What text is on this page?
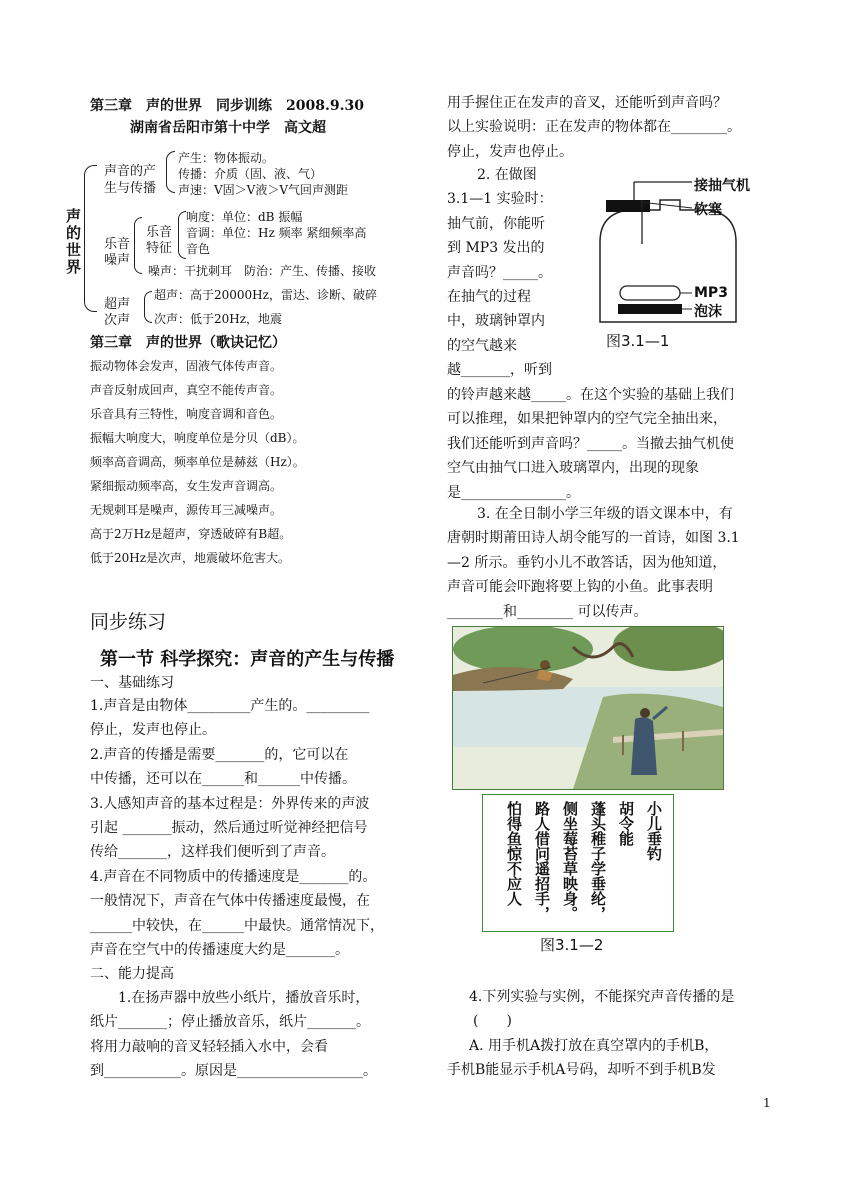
第三章　声的世界　同步训练　2008.9.30
湖南省岳阳市第十中学　高文超
声
的
世
界
声音的产
生与传播
产生：物体振动。
传播：介质（固、液、气）
声速：V固＞V液＞V气回声测距
乐音
噪声
乐音
特征
响度：单位：dB 振幅
音调：单位：Hz 频率 紧细频率高
音色
噪声：干扰刺耳　防治：产生、传播、接收
超声
次声
超声：高于20000Hz，雷达、诊断、破碎
次声：低于20Hz，地震
第三章　声的世界（歌诀记忆）
振动物体会发声，固液气体传声音。
声音反射成回声，真空不能传声音。
乐音具有三特性，响度音调和音色。
振幅大响度大，响度单位是分贝（dB）。
频率高音调高，频率单位是赫兹（Hz）。
紧细振动频率高，女生发声音调高。
无规刺耳是噪声，源传耳三减噪声。
高于2万Hz是超声，穿透破碎有B超。
低于20Hz是次声，地震破坏危害大。
同步练习
第一节 科学探究：声音的产生与传播
一、基础练习
1.声音是由物体_________产生的。_________
停止，发声也停止。
2.声音的传播是需要_______的，它可以在
中传播，还可以在______和______中传播。
3.人感知声音的基本过程是：外界传来的声波
引起 _______振动，然后通过听觉神经把信号
传给_______，这样我们便听到了声音。
4.声音在不同物质中的传播速度是_______的。
一般情况下，声音在气体中传播速度最慢，在
______中较快，在______中最快。通常情况下，
声音在空气中的传播速度大约是_______。
二、能力提高
1.在扬声器中放些小纸片，播放音乐时，
纸片_______；停止播放音乐，纸片_______。
将用力敲响的音叉轻轻插入水中，会看
到___________。原因是__________________。
用手握住正在发声的音叉，还能听到声音吗？
以上实验说明：正在发声的物体都在________。
停止，发声也停止。
2. 在做图
3.1—1 实验时：
抽气前，你能听
到 MP3 发出的
声音吗？_____。
在抽气的过程
中，玻璃钟罩内
的空气越来
越_______，听到
接抽气机
软塞
MP3
泡沫
图3.1—1
的铃声越来越_____。在这个实验的基础上我们
可以推理，如果把钟罩内的空气完全抽出来，
我们还能听到声音吗？_____。当撤去抽气机使
空气由抽气口进入玻璃罩内，出现的现象
是_______________。
3. 在全日制小学三年级的语文课本中，有
唐朝时期莆田诗人胡令能写的一首诗，如图 3.1
—2 所示。垂钓小儿不敢答话，因为他知道，
声音可能会吓跑将要上钩的小鱼。此事表明
________和________ 可以传声。
小儿垂钓
胡令能
蓬头稚子学垂纶，
侧坐莓苔草映身。
路人借问遥招手，
怕得鱼惊不应人
图3.1—2
4.下列实验与实例，不能探究声音传播的是
(　　)
A. 用手机A拨打放在真空罩内的手机B，
手机B能显示手机A号码，却听不到手机B发
1
